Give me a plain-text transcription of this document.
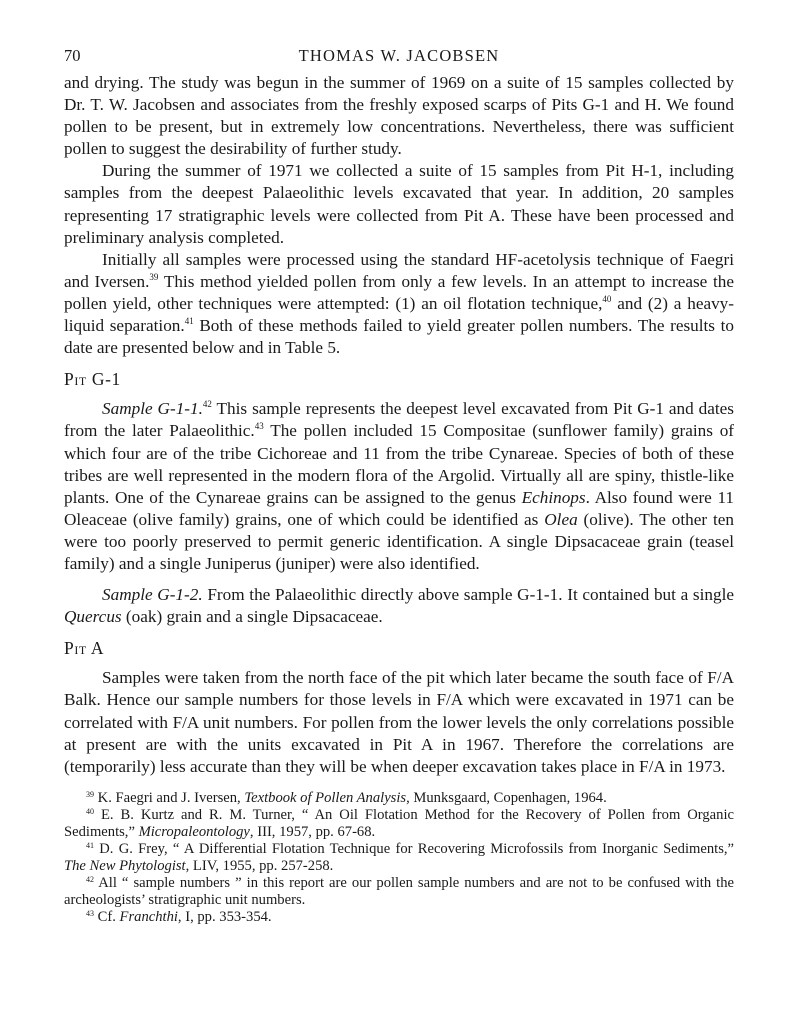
70	THOMAS W. JACOBSEN

and drying. The study was begun in the summer of 1969 on a suite of 15 samples collected by Dr. T. W. Jacobsen and associates from the freshly exposed scarps of Pits G-1 and H. We found pollen to be present, but in extremely low concentrations. Nevertheless, there was sufficient pollen to suggest the desirability of further study.

During the summer of 1971 we collected a suite of 15 samples from Pit H-1, including samples from the deepest Palaeolithic levels excavated that year. In addition, 20 samples representing 17 stratigraphic levels were collected from Pit A. These have been processed and preliminary analysis completed.

Initially all samples were processed using the standard HF-acetolysis technique of Faegri and Iversen.$^{39}$ This method yielded pollen from only a few levels. In an attempt to increase the pollen yield, other techniques were attempted: (1) an oil flotation technique,$^{40}$ and (2) a heavy-liquid separation.$^{41}$ Both of these methods failed to yield greater pollen numbers. The results to date are presented below and in Table 5.

Pit G-1

Sample G-1-1.42 This sample represents the deepest level excavated from Pit G-1 and dates from the later Palaeolithic.$^{43}$ The pollen included 15 Compositae (sunflower family) grains of which four are of the tribe Cichoreae and 11 from the tribe Cynareae. Species of both of these tribes are well represented in the modern flora of the Argolid. Virtually all are spiny, thistle-like plants. One of the Cynareae grains can be assigned to the genus Echinops. Also found were 11 Oleaceae (olive family) grains, one of which could be identified as Olea (olive). The other ten were too poorly preserved to permit generic identification. A single Dipsacaceae grain (teasel family) and a single Juniperus (juniper) were also identified.

Sample G-1-2. From the Palaeolithic directly above sample G-1-1. It contained but a single Quercus (oak) grain and a single Dipsacaceae.

Pit A

Samples were taken from the north face of the pit which later became the south face of F/A Balk. Hence our sample numbers for those levels in F/A which were excavated in 1971 can be correlated with F/A unit numbers. For pollen from the lower levels the only correlations possible at present are with the units excavated in Pit A in 1967. Therefore the correlations are (temporarily) less accurate than they will be when deeper excavation takes place in F/A in 1973.

$^{39}$ K. Faegri and J. Iversen, Textbook of Pollen Analysis, Munksgaard, Copenhagen, 1964.

$^{40}$ E. B. Kurtz and R. M. Turner, “ An Oil Flotation Method for the Recovery of Pollen from Organic Sediments,” Micropaleontology, III, 1957, pp. 67-68.

$^{41}$ D. G. Frey, “ A Differential Flotation Technique for Recovering Microfossils from Inorganic Sediments,” The New Phytologist, LIV, 1955, pp. 257-258.

$^{42}$ All “ sample numbers ” in this report are our pollen sample numbers and are not to be confused with the archeologists’ stratigraphic unit numbers.

$^{43}$ Cf. Franchthi, I, pp. 353-354.
